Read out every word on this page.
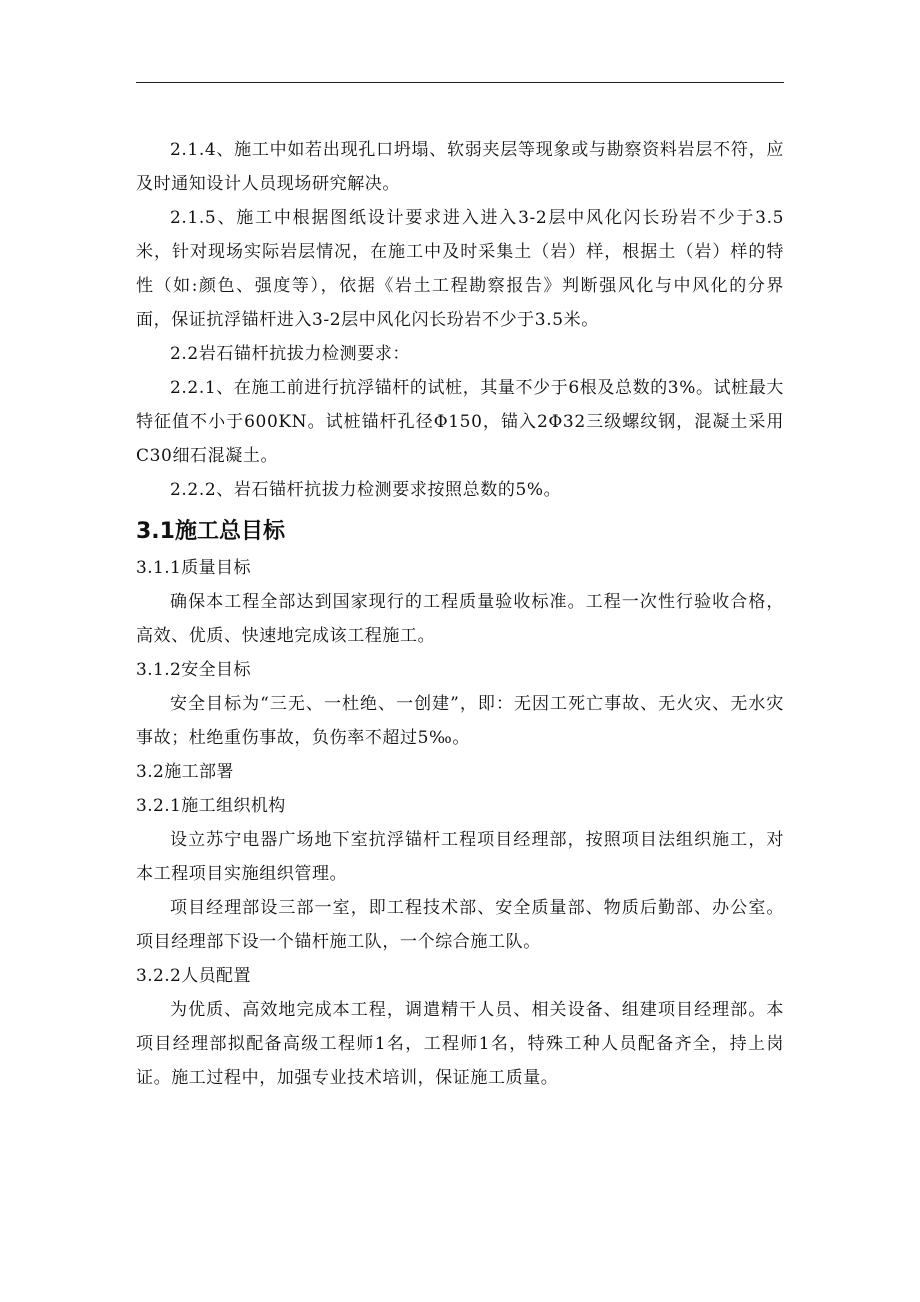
2.1.4、施工中如若出现孔口坍塌、软弱夹层等现象或与勘察资料岩层不符，应及时通知设计人员现场研究解决。

2.1.5、施工中根据图纸设计要求进入进入3-2层中风化闪长玢岩不少于3.5米，针对现场实际岩层情况，在施工中及时采集土（岩）样，根据土（岩）样的特性（如:颜色、强度等），依据《岩土工程勘察报告》判断强风化与中风化的分界面，保证抗浮锚杆进入3-2层中风化闪长玢岩不少于3.5米。

2.2岩石锚杆抗拔力检测要求：

2.2.1、在施工前进行抗浮锚杆的试桩，其量不少于6根及总数的3%。试桩最大特征值不小于600KN。试桩锚杆孔径Φ150，锚入2Φ32三级螺纹钢，混凝土采用C30细石混凝土。

2.2.2、岩石锚杆抗拔力检测要求按照总数的5%。

3.1施工总目标

3.1.1质量目标

确保本工程全部达到国家现行的工程质量验收标准。工程一次性行验收合格，高效、优质、快速地完成该工程施工。

3.1.2安全目标

安全目标为“三无、一杜绝、一创建”，即：无因工死亡事故、无火灾、无水灾事故；杜绝重伤事故，负伤率不超过5‰。

3.2施工部署

3.2.1施工组织机构

设立苏宁电器广场地下室抗浮锚杆工程项目经理部，按照项目法组织施工，对本工程项目实施组织管理。

项目经理部设三部一室，即工程技术部、安全质量部、物质后勤部、办公室。项目经理部下设一个锚杆施工队，一个综合施工队。

3.2.2人员配置

为优质、高效地完成本工程，调遣精干人员、相关设备、组建项目经理部。本项目经理部拟配备高级工程师1名，工程师1名，特殊工种人员配备齐全，持上岗证。施工过程中，加强专业技术培训，保证施工质量。
